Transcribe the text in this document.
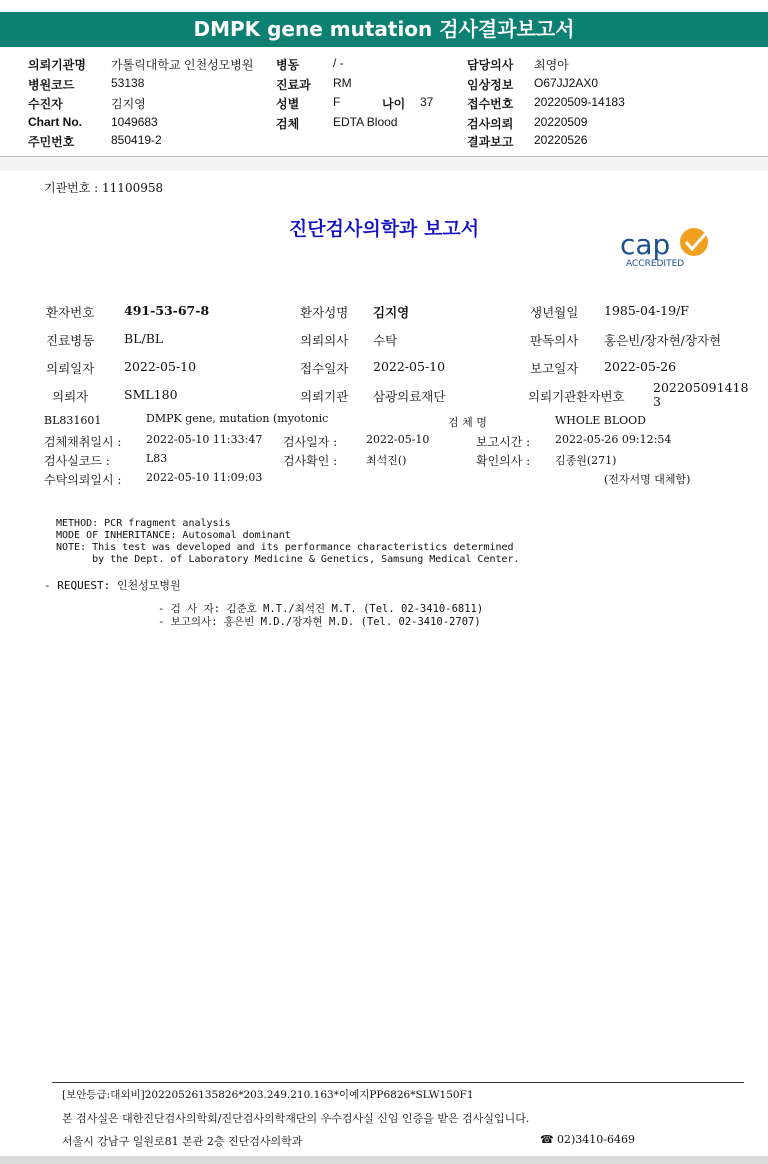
DMPK gene mutation 검사결과보고서
의뢰기관명 가톨릭대학교 인천성모병원 병동	/ -	담당의사 최영아
병원코드	53138	진료과 RM	임상정보 O67JJ2AX0
수진자	김지영	성별	F	나이 37	접수번호 20220509-14183
Chart No. 1049683	검체	EDTA Blood	검사의뢰 20220509
주민번호	850419-2	결과보고 20220526
기관번호 : 11100958
진단검사의학과 보고서	cap
ACCREDITED
환자번호 491-53-67-8	환자성명 김지영	생년월일 1985-04-19/F
진료병동 BL/BL	의뢰의사 수탁	판독의사 홍은빈/장자현/장자현
의뢰일자 2022-05-10	접수일자 2022-05-10	보고일자 2022-05-26
의뢰자	SML180	의뢰기관 삼광의료재단	의뢰기관환자번호
202205091418
3
BL831601	DMPK gene, mutation (myotonic	검 체 명	WHOLE BLOOD
검체채취일시 : 2022-05-10 11:33:47 검사일자 :	2022-05-10	보고시간 : 2022-05-26 09:12:54
검사실코드 :	L83	검사확인 :	최석진()	확인의사 : 김종원(271)
수탁의뢰일시 : 2022-05-10 11:09:03	(전자서명 대체함)
METHOD: PCR fragment analysis
MODE OF INHERITANCE: Autosomal dominant
NOTE: This test was developed and its performance characteristics determined
by the Dept. of Laboratory Medicine & Genetics, Samsung Medical Center.
- REQUEST: 인천성모병원
- 검 사 자: 김준호 M.T./최석진 M.T. (Tel. 02-3410-6811)
- 보고의사: 홍은빈 M.D./장자현 M.D. (Tel. 02-3410-2707)
[보안등급:대외비]20220526135826*203.249.210.163*이예지PP6826*SLW150F1
본 검사실은 대한진단검사의학회/진단검사의학재단의 우수검사실 신임 인증을 받은 검사실입니다.
서울시 강남구 일원로81 본관 2층 진단검사의학과	☎ 02)3410-6469
